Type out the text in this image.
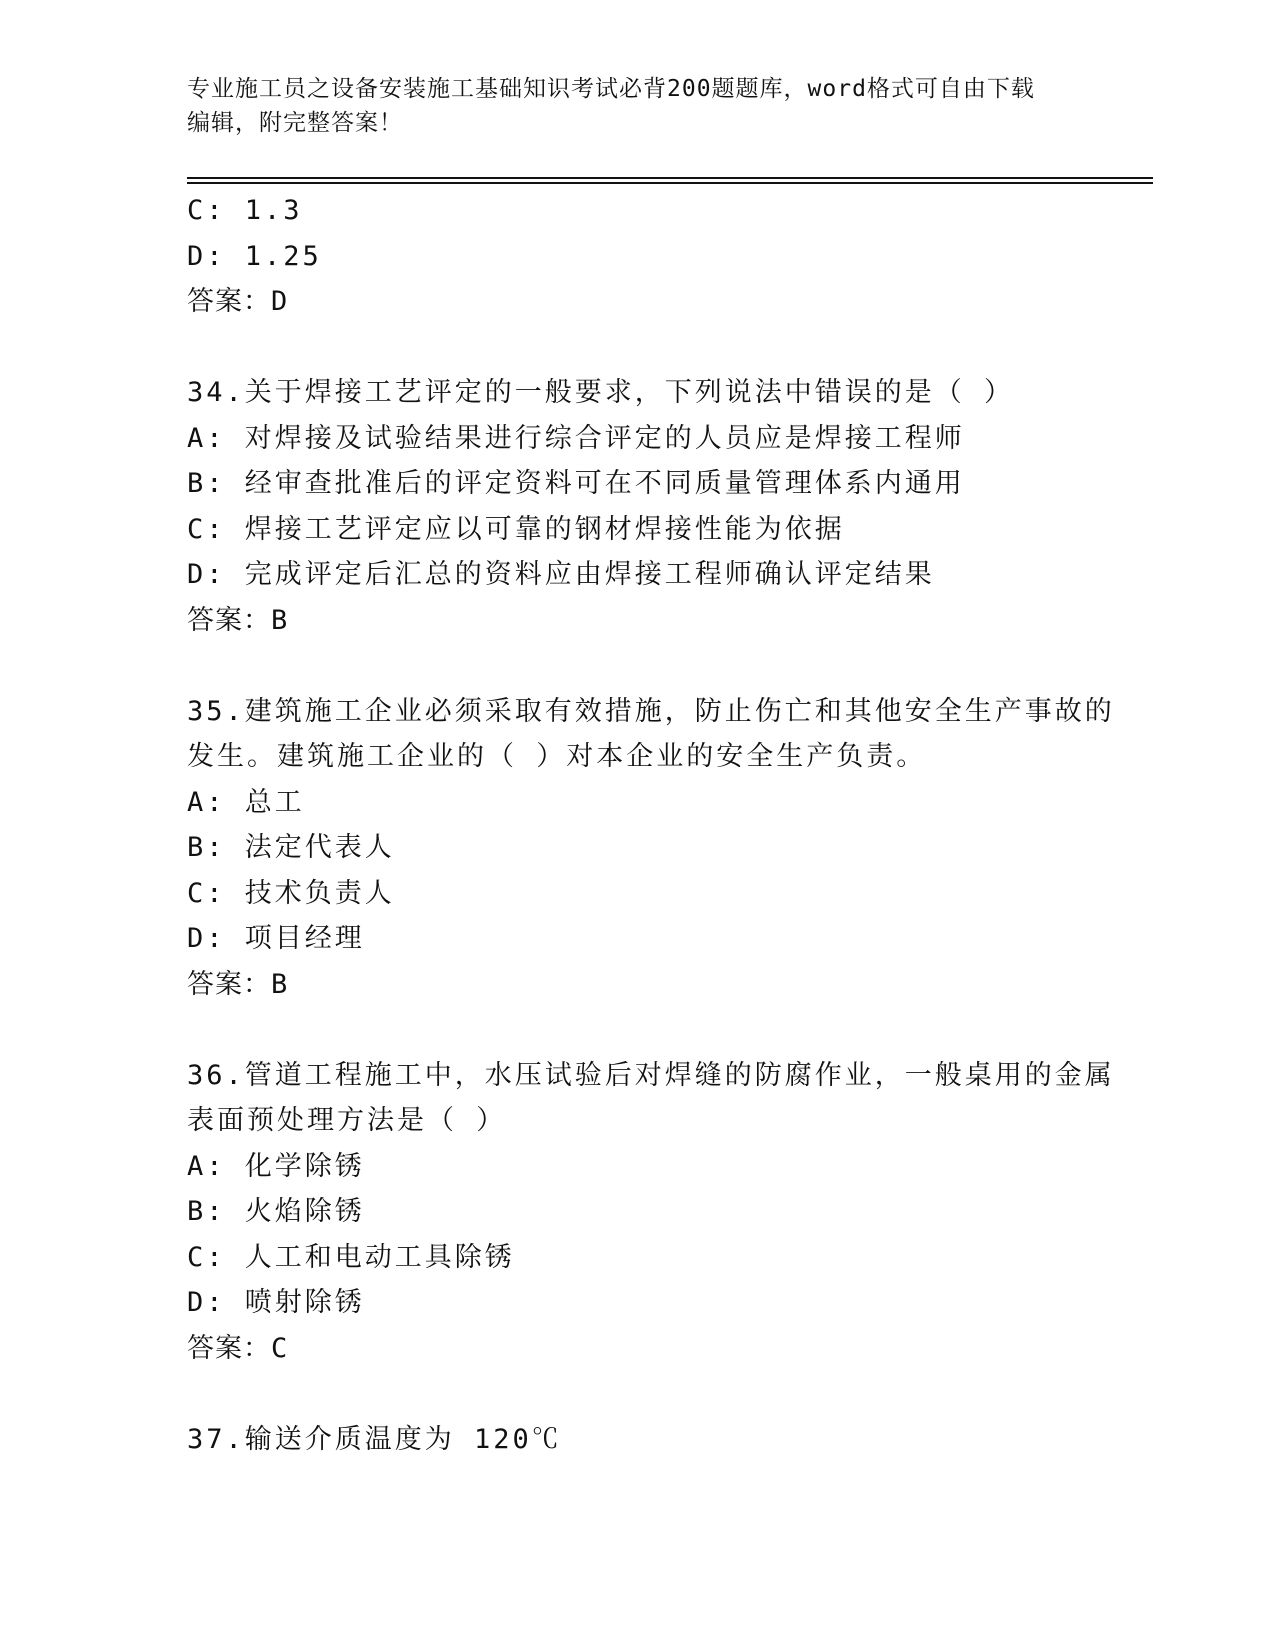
专业施工员之设备安装施工基础知识考试必背200题题库，word格式可自由下载
编辑，附完整答案！
C: 1.3
D: 1.25
答案：D
34.关于焊接工艺评定的一般要求，下列说法中错误的是（ ）
A: 对焊接及试验结果进行综合评定的人员应是焊接工程师
B: 经审查批准后的评定资料可在不同质量管理体系内通用
C: 焊接工艺评定应以可靠的钢材焊接性能为依据
D: 完成评定后汇总的资料应由焊接工程师确认评定结果
答案：B
35.建筑施工企业必须采取有效措施，防止伤亡和其他安全生产事故的
发生。建筑施工企业的（ ）对本企业的安全生产负责。
A: 总工
B: 法定代表人
C: 技术负责人
D: 项目经理
答案：B
36.管道工程施工中，水压试验后对焊缝的防腐作业，一般桌用的金属
表面预处理方法是（ ）
A: 化学除锈
B: 火焰除锈
C: 人工和电动工具除锈
D: 喷射除锈
答案：C
37.输送介质温度为 120℃
